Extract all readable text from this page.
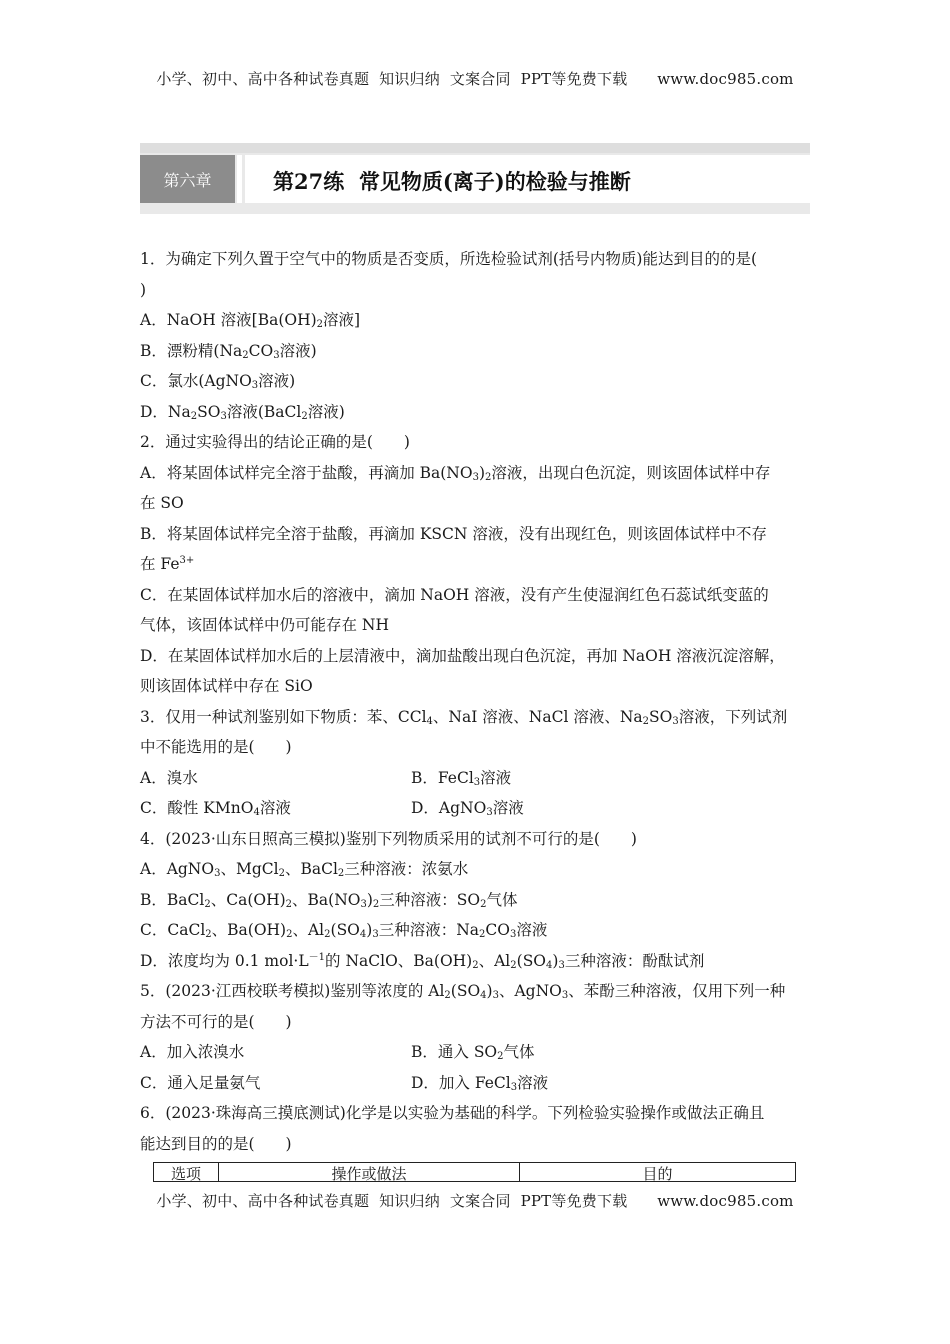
小学、初中、高中各种试卷真题  知识归纳  文案合同  PPT等免费下载      www.doc985.com
第六章	第27练  常见物质(离子)的检验与推断
1．为确定下列久置于空气中的物质是否变质，所选检验试剂(括号内物质)能达到目的的是(
)
A．NaOH 溶液[$Ba(OH)_2$溶液]
B．漂粉精($Na_2CO_3$溶液)
C．氯水(AgNO$_3$溶液)
D．$Na_2SO_3$溶液(BaCl$_2$溶液)
2．通过实验得出的结论正确的是(　　)
A．将某固体试样完全溶于盐酸，再滴加 $Ba(NO_3)_2$溶液，出现白色沉淀，则该固体试样中存
在 SO
B．将某固体试样完全溶于盐酸，再滴加 KSCN 溶液，没有出现红色，则该固体试样中不存
在 $Fe^{3+}$
C．在某固体试样加水后的溶液中，滴加 NaOH 溶液，没有产生使湿润红色石蕊试纸变蓝的
气体，该固体试样中仍可能存在 NH
D．在某固体试样加水后的上层清液中，滴加盐酸出现白色沉淀，再加 NaOH 溶液沉淀溶解，
则该固体试样中存在 SiO
3．仅用一种试剂鉴别如下物质：苯、CCl$_4$、NaI 溶液、NaCl 溶液、$Na_2SO_3$溶液，下列试剂
中不能选用的是(　　)
A．溴水	B．FeCl$_3$溶液
C．酸性 KMnO$_4$溶液	D．AgNO$_3$溶液
4．(2023·山东日照高三模拟)鉴别下列物质采用的试剂不可行的是(　　)
A．AgNO$_3$、MgCl$_2$、BaCl$_2$三种溶液：浓氨水
B．BaCl$_2$、$Ca(OH)_2$、$Ba(NO_3)_2$三种溶液：$SO_2$气体
C．CaCl$_2$、$Ba(OH)_2$、$Al_2(SO_4)_3$三种溶液：$Na_2CO_3$溶液
D．浓度均为 0.1 $mol\cdot L^{-1}$的 NaClO、$Ba(OH)_2$、$Al_2(SO_4)_3$三种溶液：酚酞试剂
5．(2023·江西校联考模拟)鉴别等浓度的 $Al_2(SO_4)_3$、AgNO$_3$、苯酚三种溶液，仅用下列一种
方法不可行的是(　　)
A．加入浓溴水	B．通入 $SO_2$气体
C．通入足量氨气	D．加入 FeCl$_3$溶液
6．(2023·珠海高三摸底测试)化学是以实验为基础的科学。下列检验实验操作或做法正确且
能达到目的的是(　　)
选项	操作或做法	目的
小学、初中、高中各种试卷真题  知识归纳  文案合同  PPT等免费下载      www.doc985.com
